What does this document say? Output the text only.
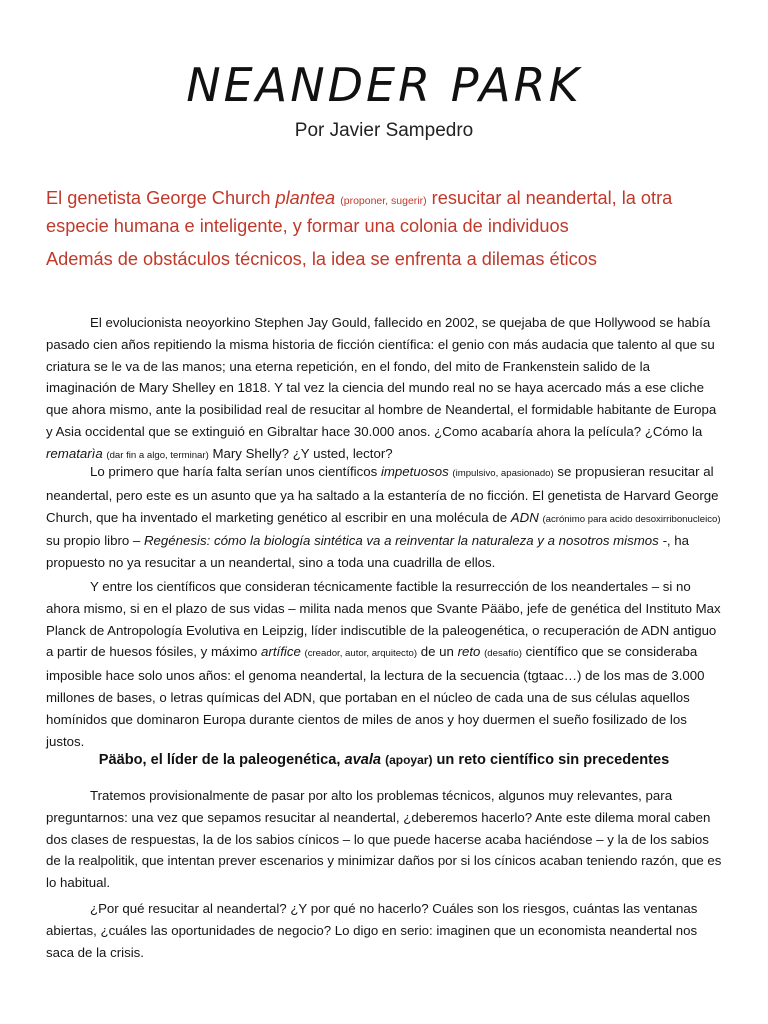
NEANDER PARK

Por Javier Sampedro

El genetista George Church plantea (proponer, sugerir) resucitar al neandertal, la otra especie humana e inteligente, y formar una colonia de individuos

Además de obstáculos técnicos, la idea se enfrenta a dilemas éticos

El evolucionista neoyorkino Stephen Jay Gould, fallecido en 2002, se quejaba de que Hollywood se había pasado cien años repitiendo la misma historia de ficción científica: el genio con más audacia que talento al que su criatura se le va de las manos; una eterna repetición, en el fondo, del mito de Frankenstein salido de la imaginación de Mary Shelley en 1818. Y tal vez la ciencia del mundo real no se haya acercado más a ese cliche que ahora mismo, ante la posibilidad real de resucitar al hombre de Neandertal, el formidable habitante de Europa y Asia occidental que se extinguió en Gibraltar hace 30.000 anos. ¿Como acabaría ahora la película? ¿Cómo la rematarìa (dar fin a algo, terminar) Mary Shelly? ¿Y usted, lector?

Lo primero que haría falta serían unos científicos impetuosos (impulsivo, apasionado) se propusieran resucitar al neandertal, pero este es un asunto que ya ha saltado a la estantería de no ficción. El genetista de Harvard George Church, que ha inventado el marketing genético al escribir en una molécula de ADN (acrónimo para acido desoxirribonucleico) su propio libro – Regénesis: cómo la biología sintética va a reinventar la naturaleza y a nosotros mismos -, ha propuesto no ya resucitar a un neandertal, sino a toda una cuadrilla de ellos.

Y entre los científicos que consideran técnicamente factible la resurrección de los neandertales – si no ahora mismo, si en el plazo de sus vidas – milita nada menos que Svante Pääbo, jefe de genética del Instituto Max Planck de Antropología Evolutiva en Leipzig, líder indiscutible de la paleogenética, o recuperación de ADN antiguo a partir de huesos fósiles, y máximo artífice (creador, autor, arquitecto) de un reto (desafío) científico que se consideraba imposible hace solo unos años: el genoma neandertal, la lectura de la secuencia (tgtaac…) de los mas de 3.000 millones de bases, o letras químicas del ADN, que portaban en el núcleo de cada una de sus células aquellos homínidos que dominaron Europa durante cientos de miles de anos y hoy duermen el sueño fosilizado de los justos.

Pääbo, el líder de la paleogenética, avala (apoyar) un reto científico sin precedentes

Tratemos provisionalmente de pasar por alto los problemas técnicos, algunos muy relevantes, para preguntarnos: una vez que sepamos resucitar al neandertal, ¿deberemos hacerlo? Ante este dilema moral caben dos clases de respuestas, la de los sabios cínicos – lo que puede hacerse acaba haciéndose – y la de los sabios de la realpolitik, que intentan prever escenarios y minimizar daños por si los cínicos acaban teniendo razón, que es lo habitual.

¿Por qué resucitar al neandertal? ¿Y por qué no hacerlo? Cuáles son los riesgos, cuántas las ventanas abiertas, ¿cuáles las oportunidades de negocio? Lo digo en serio: imaginen que un economista neandertal nos saca de la crisis.
